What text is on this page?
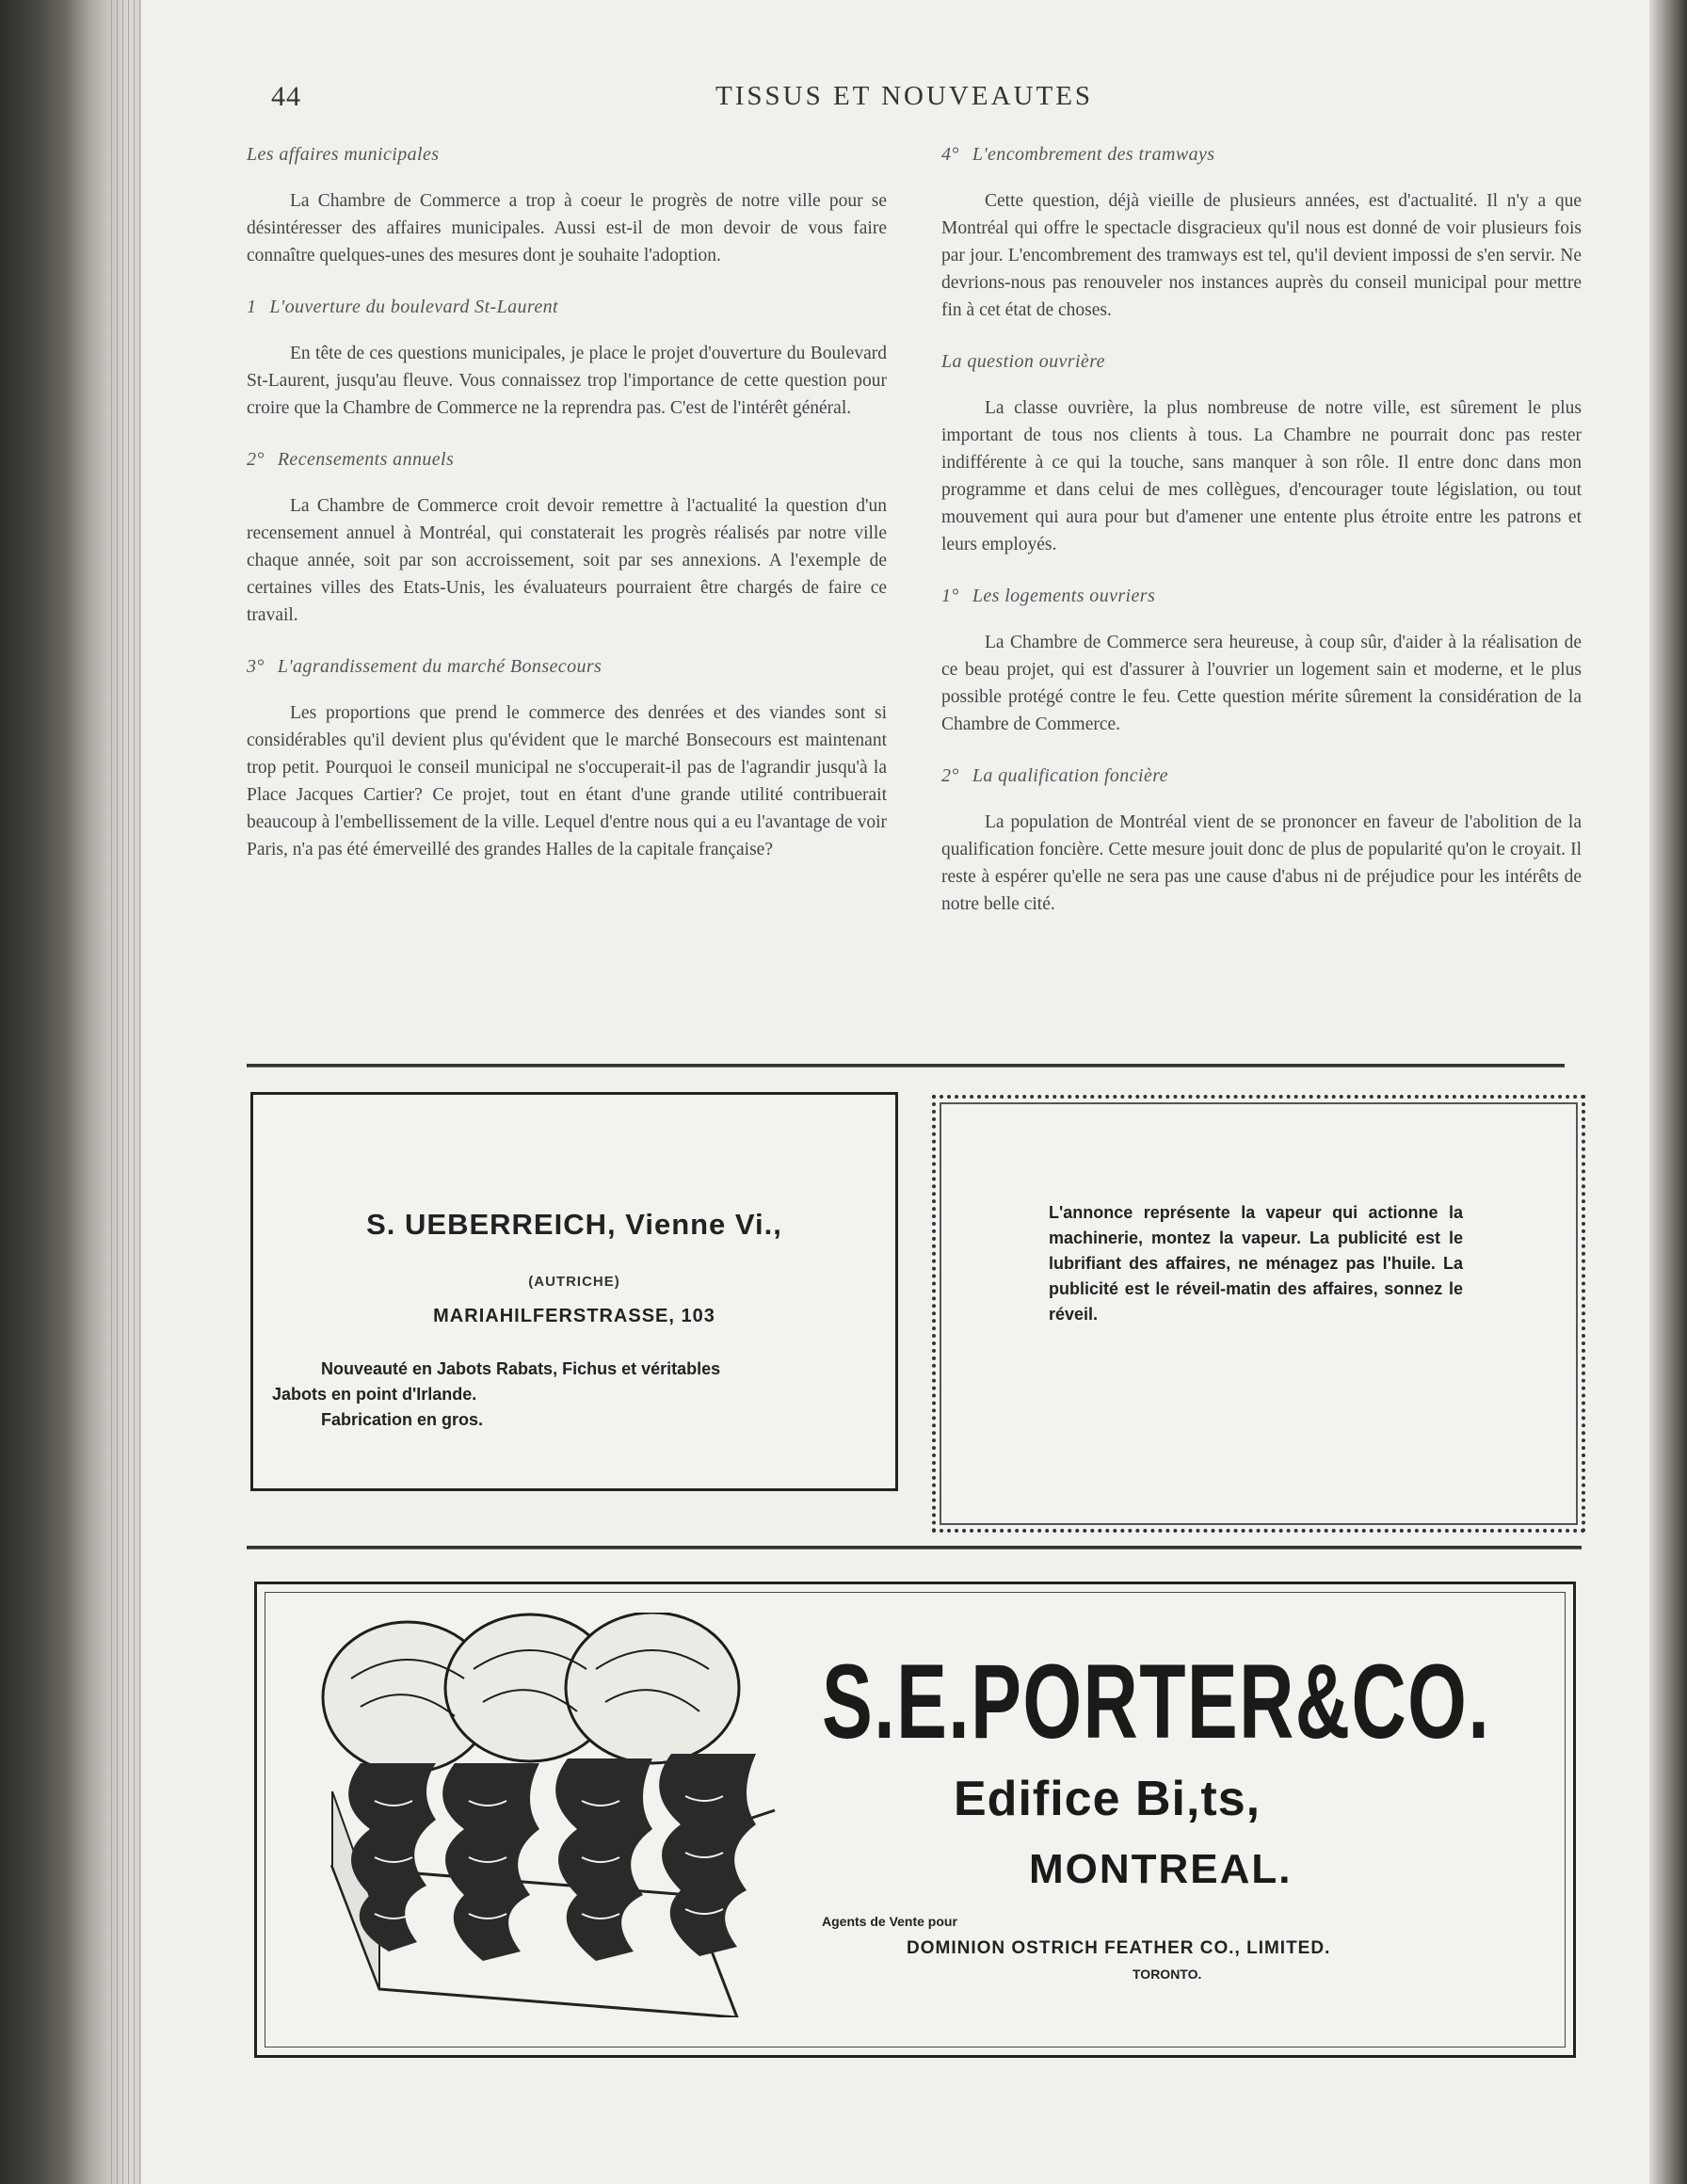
44	TISSUS ET NOUVEAUTES
Les affaires municipales
La Chambre de Commerce a trop à coeur le progrès de notre ville pour se désintéresser des affaires municipales. Aussi est-il de mon devoir de vous faire connaître quelques-unes des mesures dont je souhaite l'adoption.
1 L'ouverture du boulevard St-Laurent
En tête de ces questions municipales, je place le projet d'ouverture du Boulevard St-Laurent, jusqu'au fleuve. Vous connaissez trop l'importance de cette question pour croire que la Chambre de Commerce ne la reprendra pas. C'est de l'intérêt général.
2° Recensements annuels
La Chambre de Commerce croit devoir remettre à l'actualité la question d'un recensement annuel à Montréal, qui constaterait les progrès réalisés par notre ville chaque année, soit par son accroissement, soit par ses annexions. A l'exemple de certaines villes des Etats-Unis, les évaluateurs pourraient être chargés de faire ce travail.
3° L'agrandissement du marché Bonsecours
Les proportions que prend le commerce des denrées et des viandes sont si considérables qu'il devient plus qu'évident que le marché Bonsecours est maintenant trop petit. Pourquoi le conseil municipal ne s'occuperait-il pas de l'agrandir jusqu'à la Place Jacques Cartier? Ce projet, tout en étant d'une grande utilité contribuerait beaucoup à l'embellissement de la ville. Lequel d'entre nous qui a eu l'avantage de voir Paris, n'a pas été émerveillé des grandes Halles de la capitale française?
4° L'encombrement des tramways
Cette question, déjà vieille de plusieurs années, est d'actualité. Il n'y a que Montréal qui offre le spectacle disgracieux qu'il nous est donné de voir plusieurs fois par jour. L'encombrement des tramways est tel, qu'il devient impossi de s'en servir. Ne devrions-nous pas renouveler nos instances auprès du conseil municipal pour mettre fin à cet état de choses.
La question ouvrière
La classe ouvrière, la plus nombreuse de notre ville, est sûrement le plus important de tous nos clients à tous. La Chambre ne pourrait donc pas rester indifférente à ce qui la touche, sans manquer à son rôle. Il entre donc dans mon programme et dans celui de mes collègues, d'encourager toute législation, ou tout mouvement qui aura pour but d'amener une entente plus étroite entre les patrons et leurs employés.
1° Les logements ouvriers
La Chambre de Commerce sera heureuse, à coup sûr, d'aider à la réalisation de ce beau projet, qui est d'assurer à l'ouvrier un logement sain et moderne, et le plus possible protégé contre le feu. Cette question mérite sûrement la considération de la Chambre de Commerce.
2° La qualification foncière
La population de Montréal vient de se prononcer en faveur de l'abolition de la qualification foncière. Cette mesure jouit donc de plus de popularité qu'on le croyait. Il reste à espérer qu'elle ne sera pas une cause d'abus ni de préjudice pour les intérêts de notre belle cité.
S. UEBERREICH, Vienne Vi.,
(AUTRICHE)
MARIAHILFERSTRASSE, 103
Nouveauté en Jabots Rabats, Fichus et véritables
Jabots en point d'Irlande.
Fabrication en gros.
L'annonce représente la vapeur qui actionne la machinerie, montez la vapeur. La publicité est le lubrifiant des affaires, ne ménagez pas l'huile. La publicité est le réveil-matin des affaires, sonnez le réveil.
S.E.PORTER&CO.
Edifice Bi‚ts,
MONTREAL.
Agents de Vente pour
DOMINION OSTRICH FEATHER CO., LIMITED.
TORONTO.
